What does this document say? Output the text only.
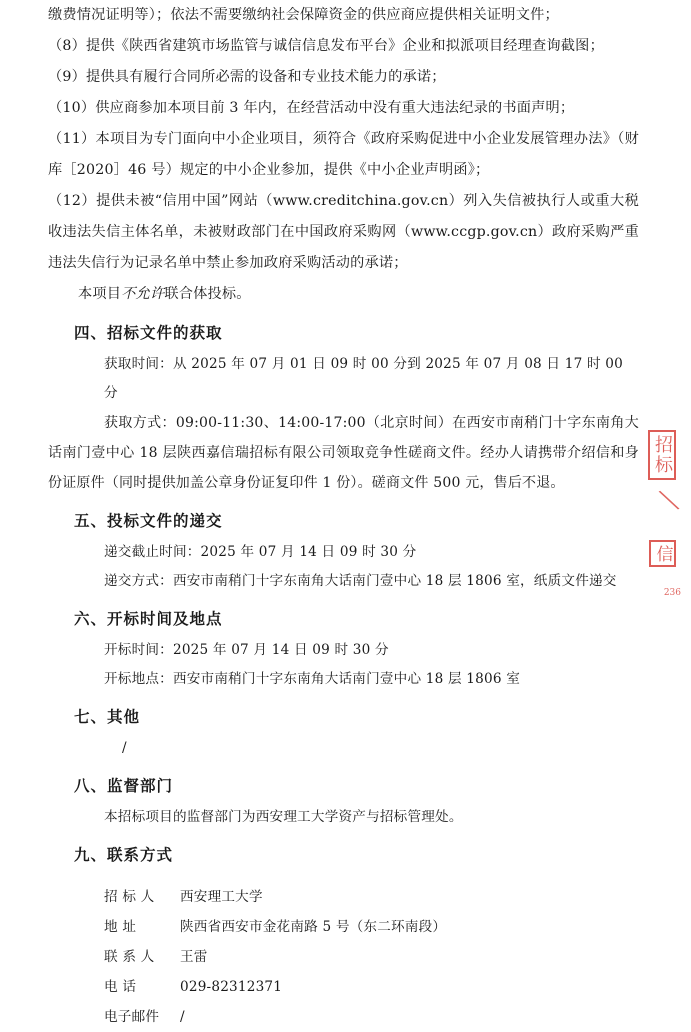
缴费情况证明等）；依法不需要缴纳社会保障资金的供应商应提供相关证明文件；

（8）提供《陕西省建筑市场监管与诚信信息发布平台》企业和拟派项目经理查询截图；

（9）提供具有履行合同所必需的设备和专业技术能力的承诺；

（10）供应商参加本项目前 3 年内，在经营活动中没有重大违法纪录的书面声明；

（11）本项目为专门面向中小企业项目，须符合《政府采购促进中小企业发展管理办法》（财库［2020］46 号）规定的中小企业参加，提供《中小企业声明函》；

（12）提供未被“信用中国”网站（www.creditchina.gov.cn）列入失信被执行人或重大税收违法失信主体名单，未被财政部门在中国政府采购网（www.ccgp.gov.cn）政府采购严重违法失信行为记录名单中禁止参加政府采购活动的承诺；

本项目不允许联合体投标。

四、招标文件的获取

获取时间：从 2025 年 07 月 01 日 09 时 00 分到 2025 年 07 月 08 日 17 时 00 分

获取方式：09:00-11:30、14:00-17:00（北京时间）在西安市南稍门十字东南角大话南门壹中心 18 层陕西嘉信瑞招标有限公司领取竞争性磋商文件。经办人请携带介绍信和身份证原件（同时提供加盖公章身份证复印件 1 份）。磋商文件 500 元，售后不退。

五、投标文件的递交

递交截止时间：2025 年 07 月 14 日 09 时 30 分

递交方式：西安市南稍门十字东南角大话南门壹中心 18 层 1806 室，纸质文件递交

六、开标时间及地点

开标时间：2025 年 07 月 14 日 09 时 30 分

开标地点：西安市南稍门十字东南角大话南门壹中心 18 层 1806 室

七、其他

/

八、监督部门

本招标项目的监督部门为西安理工大学资产与招标管理处。

九、联系方式

招 标 人 西安理工大学

地 址	陕西省西安市金花南路 5 号（东二环南段）

联 系 人 王雷

电 话	029-82312371

电子邮件 /

招标
╲
信
236
